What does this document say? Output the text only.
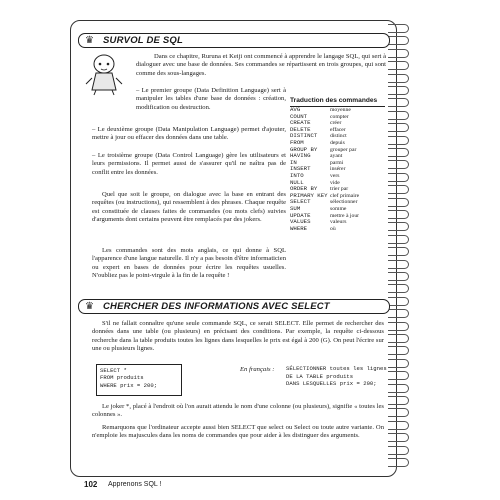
♛ SURVOL DE SQL
Dans ce chapitre, Ruruna et Keiji ont commencé à apprendre le langage SQL, qui sert à dialoguer avec une base de données. Ses commandes se répartissent en trois groupes, qui sont comme des sous-langages.
– Le premier groupe (Data Definition Language) sert à manipuler les tables d'une base de données : création, modification ou destruction.
– Le deuxième groupe (Data Manipulation Language) permet d'ajouter, mettre à jour ou effacer des données dans une table.
– Le troisième groupe (Data Control Language) gère les utilisateurs et leurs permissions. Il permet aussi de s'assurer qu'il ne naîtra pas de conflit entre les données.
Quel que soit le groupe, on dialogue avec la base en entrant des requêtes (ou instructions), qui ressemblent à des phrases. Chaque requête est constituée de clauses faites de commandes (ou mots clefs) suivies d'arguments dont certains peuvent être remplacés par des jokers.
Les commandes sont des mots anglais, ce qui donne à SQL l'apparence d'une langue naturelle. Il n'y a pas besoin d'être informaticien ou expert en bases de données pour écrire les requêtes usuelles. N'oubliez pas le point-virgule à la fin de la requête !
Traduction des commandes
AVG	moyenne
COUNT	compter
CREATE	créer
DELETE	effacer
DISTINCT	distinct
FROM	depuis
GROUP BY	grouper par
HAVING	ayant
IN	parmi
INSERT	insérer
INTO	vers
NULL	vide
ORDER BY	trier par
PRIMARY KEY	clef primaire
SELECT	sélectionner
SUM	somme
UPDATE	mettre à jour
VALUES	valeurs
WHERE	où
♛ CHERCHER DES INFORMATIONS AVEC SELECT
S'il ne fallait connaître qu'une seule commande SQL, ce serait SELECT. Elle permet de rechercher des données dans une table (ou plusieurs) en précisant des conditions. Par exemple, la requête ci-dessous recherche dans la table produits toutes les lignes dans lesquelles le prix est égal à 200 (G). On peut l'écrire sur une ou plusieurs lignes.
SELECT *
FROM produits
WHERE prix = 200;
En français : SÉLECTIONNER toutes les lignes
DE LA TABLE produits
DANS LESQUELLES prix = 200;
Le joker *, placé à l'endroit où l'on aurait attendu le nom d'une colonne (ou plusieurs), signifie « toutes les colonnes ».
Remarquons que l'ordinateur accepte aussi bien SELECT que select ou Select ou toute autre variante. On n'emploie les majuscules dans les noms de commandes que pour aider à les distinguer des arguments.
102 Apprenons SQL !
